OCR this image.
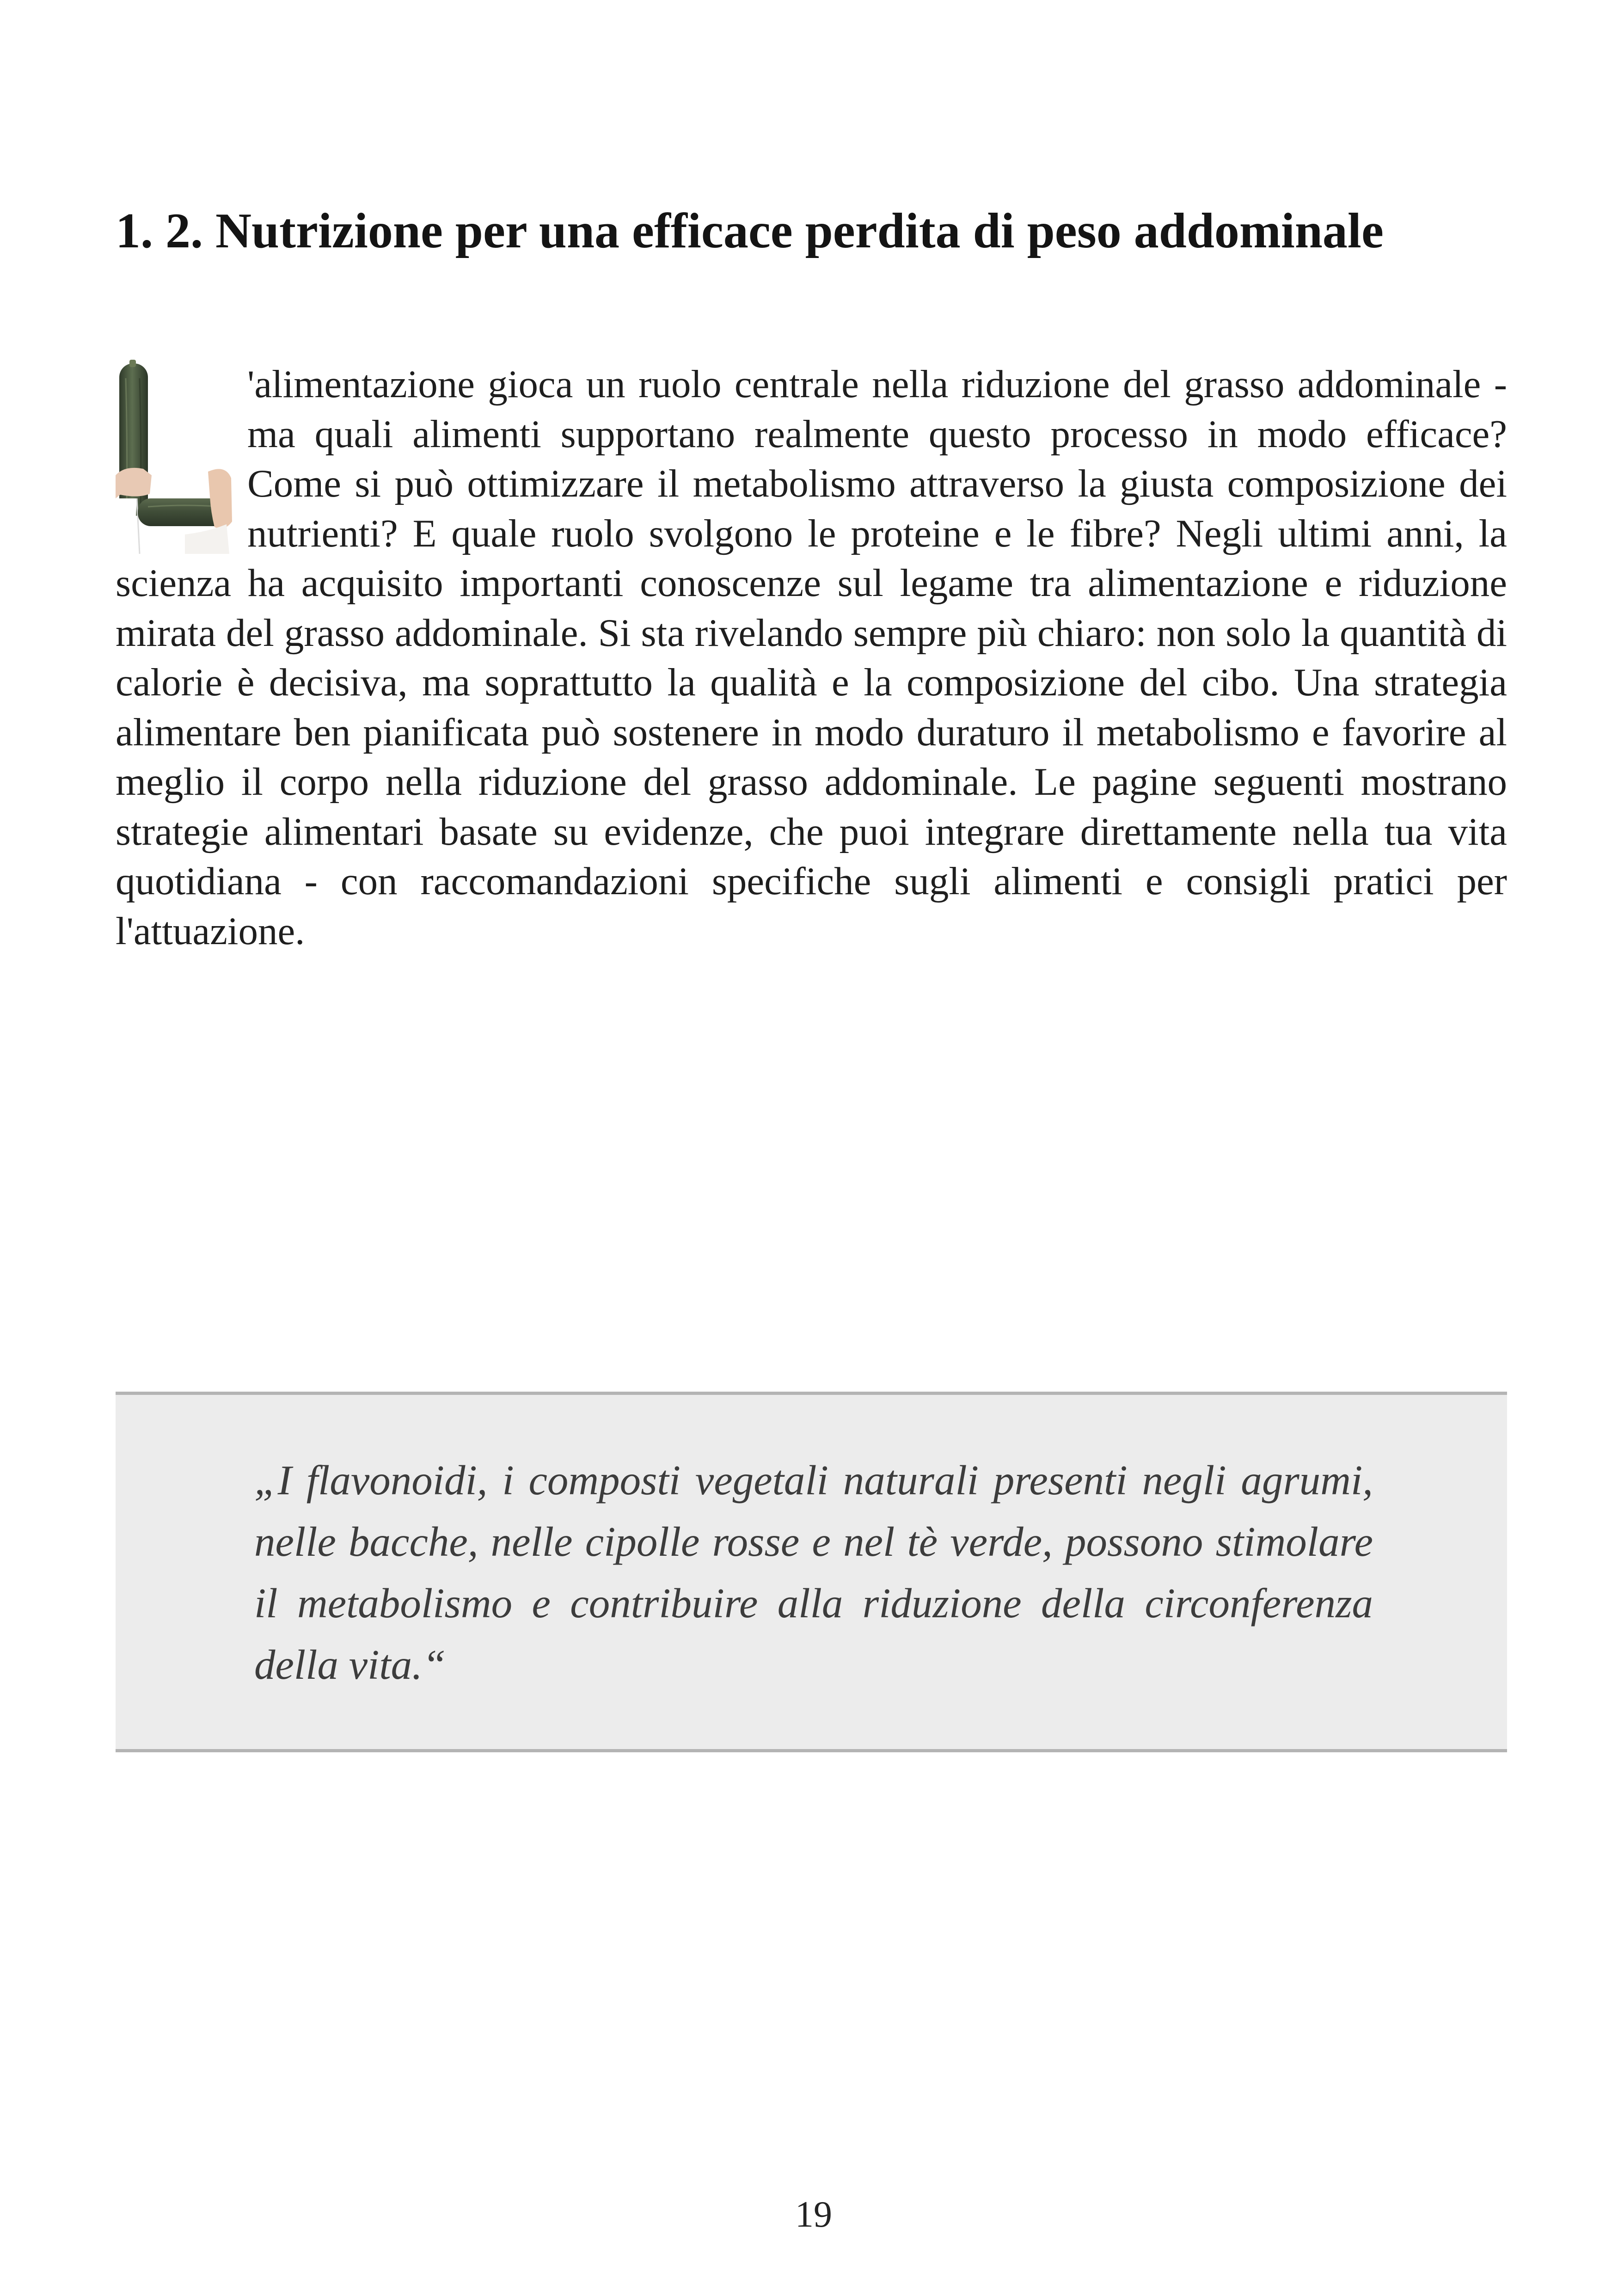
1. 2. Nutrizione per una efficace perdita di peso addominale

'alimentazione gioca un ruolo centrale nella riduzione del grasso addominale - ma quali alimenti supportano realmente questo processo in modo efficace? Come si può ottimizzare il metabolismo attraverso la giusta composizione dei nutrienti? E quale ruolo svolgono le proteine e le fibre? Negli ultimi anni, la scienza ha acquisito importanti conoscenze sul legame tra alimentazione e riduzione mirata del grasso addominale. Si sta rivelando sempre più chiaro: non solo la quantità di calorie è decisiva, ma soprattutto la qualità e la composizione del cibo. Una strategia alimentare ben pianificata può sostenere in modo duraturo il metabolismo e favorire al meglio il corpo nella riduzione del grasso addominale. Le pagine seguenti mostrano strategie alimentari basate su evidenze, che puoi integrare direttamente nella tua vita quotidiana - con raccomandazioni specifiche sugli alimenti e consigli pratici per l'attuazione.

„I flavonoidi, i composti vegetali naturali presenti negli agrumi, nelle bacche, nelle cipolle rosse e nel tè verde, possono stimolare il metabolismo e contribuire alla riduzione della circonferenza della vita.“

19
